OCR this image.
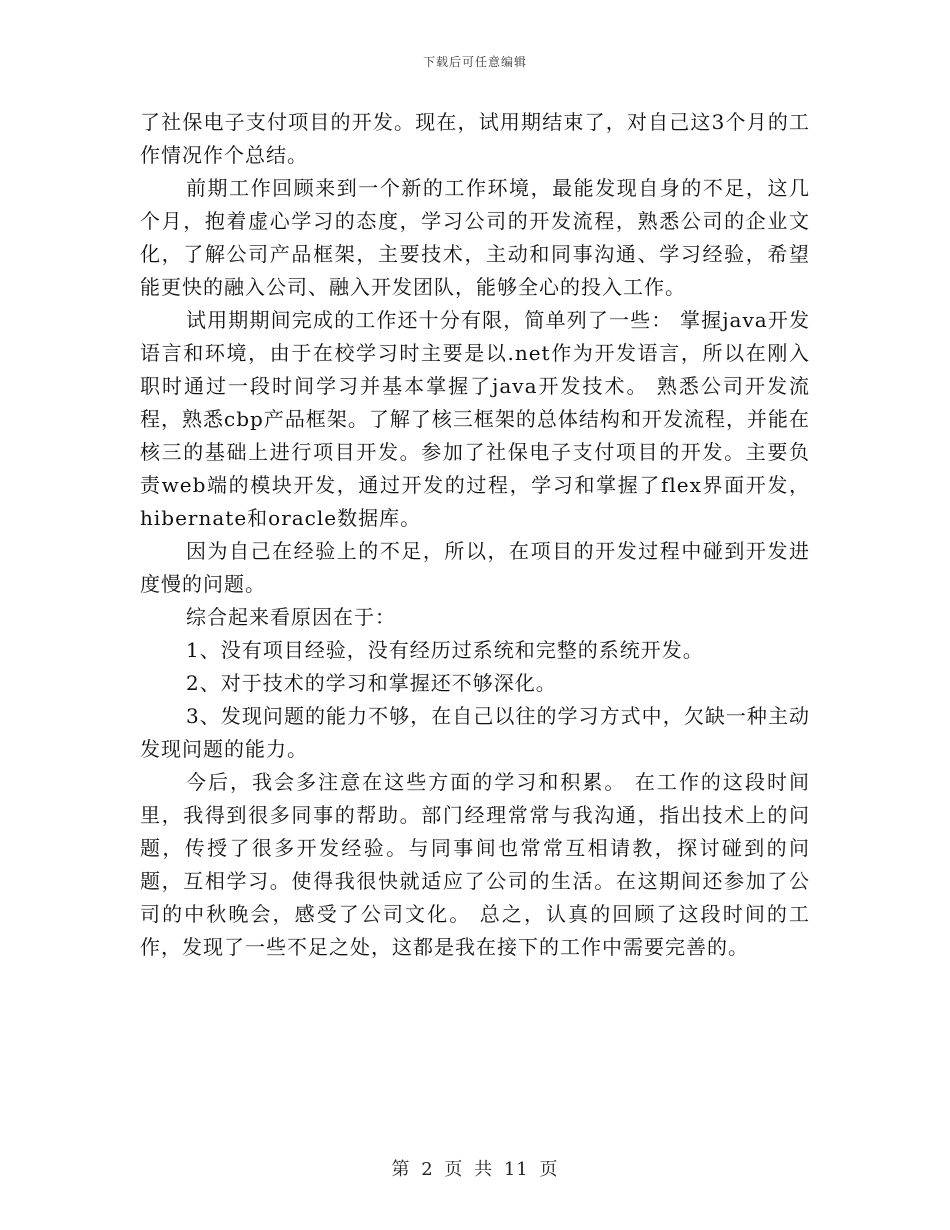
下载后可任意编辑

了社保电子支付项目的开发。现在，试用期结束了，对自己这3个月的工作情况作个总结。

前期工作回顾来到一个新的工作环境，最能发现自身的不足，这几个月，抱着虚心学习的态度，学习公司的开发流程，熟悉公司的企业文化，了解公司产品框架，主要技术，主动和同事沟通、学习经验，希望能更快的融入公司、融入开发团队，能够全心的投入工作。

试用期期间完成的工作还十分有限，简单列了一些： 掌握java开发语言和环境，由于在校学习时主要是以.net作为开发语言，所以在刚入职时通过一段时间学习并基本掌握了java开发技术。 熟悉公司开发流程，熟悉cbp产品框架。了解了核三框架的总体结构和开发流程，并能在核三的基础上进行项目开发。参加了社保电子支付项目的开发。主要负责web端的模块开发，通过开发的过程，学习和掌握了flex界面开发，hibernate和oracle数据库。

因为自己在经验上的不足，所以，在项目的开发过程中碰到开发进度慢的问题。

综合起来看原因在于：

1、没有项目经验，没有经历过系统和完整的系统开发。

2、对于技术的学习和掌握还不够深化。

3、发现问题的能力不够，在自己以往的学习方式中，欠缺一种主动发现问题的能力。

今后，我会多注意在这些方面的学习和积累。 在工作的这段时间里，我得到很多同事的帮助。部门经理常常与我沟通，指出技术上的问题，传授了很多开发经验。与同事间也常常互相请教，探讨碰到的问题，互相学习。使得我很快就适应了公司的生活。在这期间还参加了公司的中秋晚会，感受了公司文化。 总之，认真的回顾了这段时间的工作，发现了一些不足之处，这都是我在接下的工作中需要完善的。

第 2 页 共 11 页
